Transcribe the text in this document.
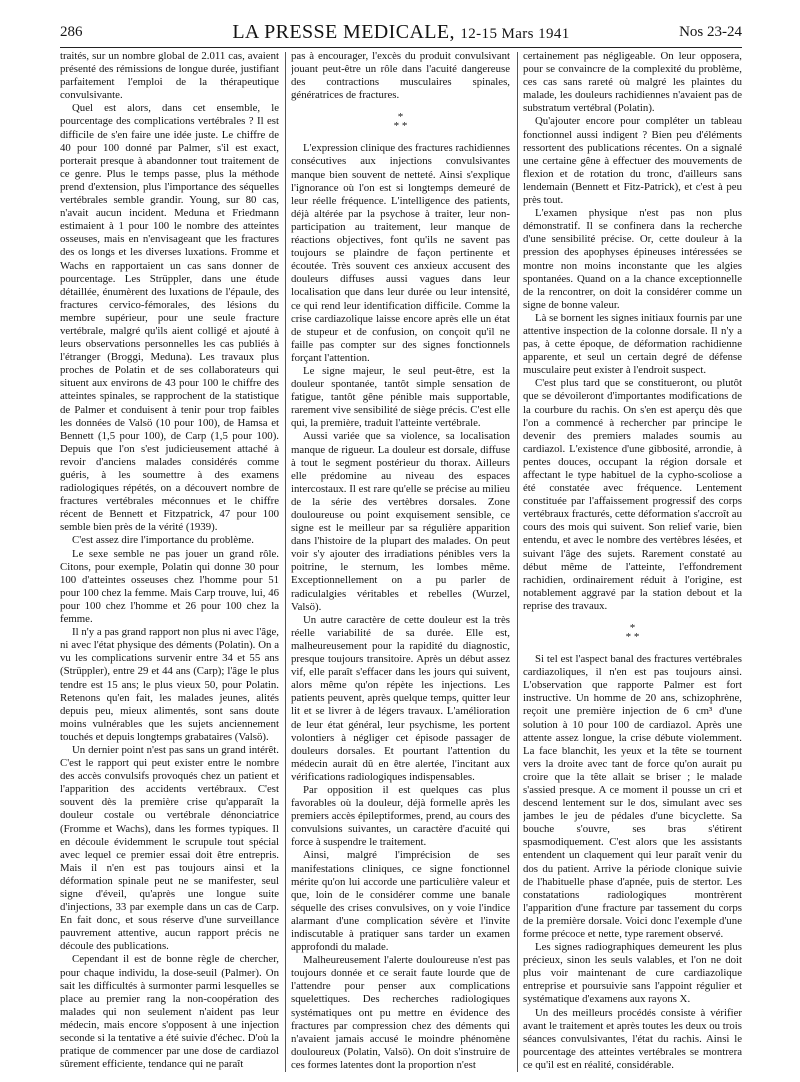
286	LA PRESSE MEDICALE, 12-15 Mars 1941	Nos 23-24

traités, sur un nombre global de 2.011 cas, avaient présenté des rémissions de longue durée, justifiant parfaitement l'emploi de la thérapeutique convulsivante.

Quel est alors, dans cet ensemble, le pourcentage des complications vertébrales ? Il est difficile de s'en faire une idée juste. Le chiffre de 40 pour 100 donné par Palmer, s'il est exact, porterait presque à abandonner tout traitement de ce genre. Plus le temps passe, plus la méthode prend d'extension, plus l'importance des séquelles vertébrales semble grandir. Young, sur 80 cas, n'avait aucun incident. Meduna et Friedmann estimaient à 1 pour 100 le nombre des atteintes osseuses, mais en n'envisageant que les fractures des os longs et les diverses luxations. Fromme et Wachs en rapportaient un cas sans donner de pourcentage. Les Strüppler, dans une étude détaillée, énumèrent des luxations de l'épaule, des fractures cervico-fémorales, des lésions du membre supérieur, pour une seule fracture vertébrale, malgré qu'ils aient colligé et ajouté à leurs observations personnelles les cas publiés à l'étranger (Broggi, Meduna). Les travaux plus proches de Polatin et de ses collaborateurs qui situent aux environs de 43 pour 100 le chiffre des atteintes spinales, se rapprochent de la statistique de Palmer et conduisent à tenir pour trop faibles les données de Valsö (10 pour 100), de Hamsa et Bennett (1,5 pour 100), de Carp (1,5 pour 100). Depuis que l'on s'est judicieusement attaché à revoir d'anciens malades considérés comme guéris, à les soumettre à des examens radiologiques répétés, on a découvert nombre de fractures vertébrales méconnues et le chiffre récent de Bennett et Fitzpatrick, 47 pour 100 semble bien près de la vérité (1939).

C'est assez dire l'importance du problème.

Le sexe semble ne pas jouer un grand rôle. Citons, pour exemple, Polatin qui donne 30 pour 100 d'atteintes osseuses chez l'homme pour 51 pour 100 chez la femme. Mais Carp trouve, lui, 46 pour 100 chez l'homme et 26 pour 100 chez la femme.

Il n'y a pas grand rapport non plus ni avec l'âge, ni avec l'état physique des déments (Polatin). On a vu les complications survenir entre 34 et 55 ans (Strüppler), entre 29 et 44 ans (Carp); l'âge le plus tendre est 15 ans; le plus vieux 50, pour Polatin. Retenons qu'en fait, les malades jeunes, alités depuis peu, mieux alimentés, sont sans doute moins vulnérables que les sujets anciennement touchés et depuis longtemps grabataires (Valsö).

Un dernier point n'est pas sans un grand intérêt. C'est le rapport qui peut exister entre le nombre des accès convulsifs provoqués chez un patient et l'apparition des accidents vertébraux. C'est souvent dès la première crise qu'apparaît la douleur costale ou vertébrale dénonciatrice (Fromme et Wachs), dans les formes typiques. Il en découle évidemment le scrupule tout spécial avec lequel ce premier essai doit être entrepris. Mais il n'en est pas toujours ainsi et la déformation spinale peut ne se manifester, seul signe d'éveil, qu'après une longue suite d'injections, 33 par exemple dans un cas de Carp. En fait donc, et sous réserve d'une surveillance pauvrement attentive, aucun rapport précis ne découle des publications.

Cependant il est de bonne règle de chercher, pour chaque individu, la dose-seuil (Palmer). On sait les difficultés à surmonter parmi lesquelles se place au premier rang la non-coopération des malades qui non seulement n'aident pas leur médecin, mais encore s'opposent à une injection seconde si la tentative a été suivie d'échec. D'où la pratique de commencer par une dose de cardiazol sûrement efficiente, tendance qui ne paraît

pas à encourager, l'excès du produit convulsivant jouant peut-être un rôle dans l'acuité dangereuse des contractions musculaires spinales, génératrices de fractures.

*
* *

L'expression clinique des fractures rachidiennes consécutives aux injections convulsivantes manque bien souvent de netteté. Ainsi s'explique l'ignorance où l'on est si longtemps demeuré de leur réelle fréquence. L'intelligence des patients, déjà altérée par la psychose à traiter, leur non-participation au traitement, leur manque de réactions objectives, font qu'ils ne savent pas toujours se plaindre de façon pertinente et écoutée. Très souvent ces anxieux accusent des douleurs diffuses aussi vagues dans leur localisation que dans leur durée ou leur intensité, ce qui rend leur identification difficile. Comme la crise cardiazolique laisse encore après elle un état de stupeur et de confusion, on conçoit qu'il ne faille pas compter sur des signes fonctionnels forçant l'attention.

Le signe majeur, le seul peut-être, est la douleur spontanée, tantôt simple sensation de fatigue, tantôt gêne pénible mais supportable, rarement vive sensibilité de siège précis. C'est elle qui, la première, traduit l'atteinte vertébrale.

Aussi variée que sa violence, sa localisation manque de rigueur. La douleur est dorsale, diffuse à tout le segment postérieur du thorax. Ailleurs elle prédomine au niveau des espaces intercostaux. Il est rare qu'elle se précise au milieu de la série des vertèbres dorsales. Zone douloureuse ou point exquisement sensible, ce signe est le meilleur par sa régulière apparition dans l'histoire de la plupart des malades. On peut voir s'y ajouter des irradiations pénibles vers la poitrine, le sternum, les lombes même. Exceptionnellement on a pu parler de radiculalgies véritables et rebelles (Wurzel, Valsö).

Un autre caractère de cette douleur est la très réelle variabilité de sa durée. Elle est, malheureusement pour la rapidité du diagnostic, presque toujours transitoire. Après un début assez vif, elle paraît s'effacer dans les jours qui suivent, alors même qu'on répète les injections. Les patients peuvent, après quelque temps, quitter leur lit et se livrer à de légers travaux. L'amélioration de leur état général, leur psychisme, les portent volontiers à négliger cet épisode passager de douleurs dorsales. Et pourtant l'attention du médecin aurait dû en être alertée, l'incitant aux vérifications radiologiques indispensables.

Par opposition il est quelques cas plus favorables où la douleur, déjà formelle après les premiers accès épileptiformes, prend, au cours des convulsions suivantes, un caractère d'acuité qui force à suspendre le traitement.

Ainsi, malgré l'imprécision de ses manifestations cliniques, ce signe fonctionnel mérite qu'on lui accorde une particulière valeur et que, loin de le considérer comme une banale séquelle des crises convulsives, on y voie l'indice alarmant d'une complication sévère et l'invite indiscutable à pratiquer sans tarder un examen approfondi du malade.

Malheureusement l'alerte douloureuse n'est pas toujours donnée et ce serait faute lourde que de l'attendre pour penser aux complications squelettiques. Des recherches radiologiques systématiques ont pu mettre en évidence des fractures par compression chez des déments qui n'avaient jamais accusé le moindre phénomène douloureux (Polatin, Valsö). On doit s'instruire de ces formes latentes dont la proportion n'est

certainement pas négligeable. On leur opposera, pour se convaincre de la complexité du problème, ces cas sans rareté où malgré les plaintes du malade, les douleurs rachidiennes n'avaient pas de substratum vertébral (Polatin).

Qu'ajouter encore pour compléter un tableau fonctionnel aussi indigent ? Bien peu d'éléments ressortent des publications récentes. On a signalé une certaine gêne à effectuer des mouvements de flexion et de rotation du tronc, d'ailleurs sans lendemain (Bennett et Fitz-Patrick), et c'est à peu près tout.

L'examen physique n'est pas non plus démonstratif. Il se confinera dans la recherche d'une sensibilité précise. Or, cette douleur à la pression des apophyses épineuses intéressées se montre non moins inconstante que les algies spontanées. Quand on a la chance exceptionnelle de la rencontrer, on doit la considérer comme un signe de bonne valeur.

Là se bornent les signes initiaux fournis par une attentive inspection de la colonne dorsale. Il n'y a pas, à cette époque, de déformation rachidienne apparente, et seul un certain degré de défense musculaire peut exister à l'endroit suspect.

C'est plus tard que se constitueront, ou plutôt que se dévoileront d'importantes modifications de la courbure du rachis. On s'en est aperçu dès que l'on a commencé à rechercher par principe le devenir des premiers malades soumis au cardiazol. L'existence d'une gibbosité, arrondie, à pentes douces, occupant la région dorsale et affectant le type habituel de la cypho-scoliose a été constatée avec fréquence. Lentement constituée par l'affaissement progressif des corps vertébraux fracturés, cette déformation s'accroît au cours des mois qui suivent. Son relief varie, bien entendu, et avec le nombre des vertèbres lésées, et suivant l'âge des sujets. Rarement constaté au début même de l'atteinte, l'effondrement rachidien, ordinairement réduit à l'origine, est notablement aggravé par la station debout et la reprise des travaux.

*
* *

Si tel est l'aspect banal des fractures vertébrales cardiazoliques, il n'en est pas toujours ainsi. L'observation que rapporte Palmer est fort instructive. Un homme de 20 ans, schizophrène, reçoit une première injection de 6 cm³ d'une solution à 10 pour 100 de cardiazol. Après une attente assez longue, la crise débute violemment. La face blanchit, les yeux et la tête se tournent vers la droite avec tant de force qu'on aurait pu croire que la tête allait se briser ; le malade s'assied presque. A ce moment il pousse un cri et descend lentement sur le dos, simulant avec ses jambes le jeu de pédales d'une bicyclette. Sa bouche s'ouvre, ses bras s'étirent spasmodiquement. C'est alors que les assistants entendent un claquement qui leur paraît venir du dos du patient. Arrive la période clonique suivie de l'habituelle phase d'apnée, puis de stertor. Les constatations radiologiques montrèrent l'apparition d'une fracture par tassement du corps de la première dorsale. Voici donc l'exemple d'une forme précoce et nette, type rarement observé.

Les signes radiographiques demeurent les plus précieux, sinon les seuls valables, et l'on ne doit plus voir maintenant de cure cardiazolique entreprise et poursuivie sans l'appoint régulier et systématique d'examens aux rayons X.

Un des meilleurs procédés consiste à vérifier avant le traitement et après toutes les deux ou trois séances convulsivantes, l'état du rachis. Ainsi le pourcentage des atteintes vertébrales se montrera ce qu'il est en réalité, considérable.
